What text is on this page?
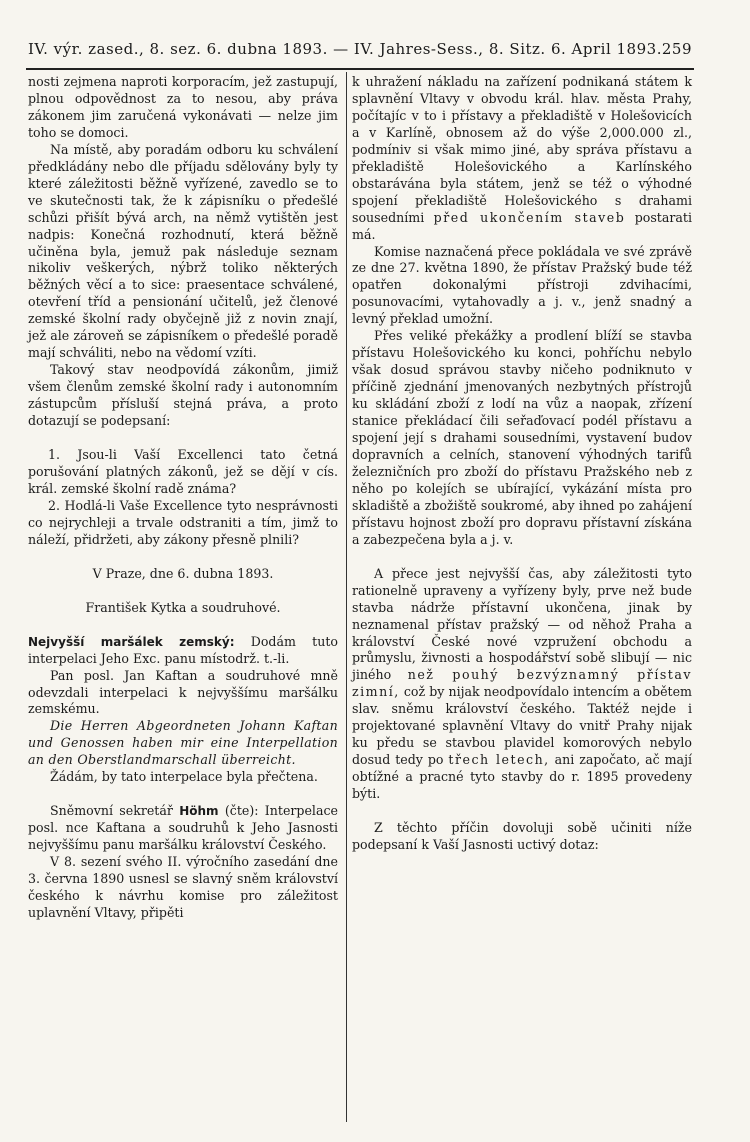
IV. výr. zased., 8. sez. 6. dubna 1893. — IV. Jahres-Sess., 8. Sitz. 6. April 1893. 259

nosti zejmena naproti korporacím, jež zastupují, plnou odpovědnost za to nesou, aby práva zákonem jim zaručená vykonávati — nelze jim toho se domoci.

Na místě, aby poradám odboru ku schválení předkládány nebo dle příjadu sdělovány byly ty které záležitosti běžně vyřízené, zavedlo se to ve skutečnosti tak, že k zápisníku o předešlé schůzi přišít bývá arch, na němž vytištěn jest nadpis: Konečná rozhodnutí, která běžně učiněna byla, jemuž pak následuje seznam nikoliv veškerých, nýbrž toliko některých běžných věcí a to sice: praesentace schválené, otevření tříd a pensionání učitelů, jež členové zemské školní rady obyčejně již z novin znají, jež ale zároveň se zápisníkem o předešlé poradě mají schváliti, nebo na vědomí vzíti.

Takový stav neodpovídá zákonům, jimiž všem členům zemské školní rady i autonomním zástupcům přísluší stejná práva, a proto dotazují se podepsaní:

1. Jsou-li Vaší Excellenci tato četná porušování platných zákonů, jež se dějí v cís. král. zemské školní radě známa?

2. Hodlá-li Vaše Excellence tyto nesprávnosti co nejrychleji a trvale odstraniti a tím, jimž to náleží, přidržeti, aby zákony přesně plnili?

V Praze, dne 6. dubna 1893.

František Kytka a soudruhové.

Nejvyšší maršálek zemský: Dodám tuto interpelaci Jeho Exc. panu místodrž. t.-li.

Pan posl. Jan Kaftan a soudruhové mně odevzdali interpelaci k nejvyššímu maršálku zemskému.

Die Herren Abgeordneten Johann Kaftan und Genossen haben mir eine Interpellation an den Oberstlandmarschall überreicht.

Žádám, by tato interpelace byla přečtena.

Sněmovní sekretář Höhm (čte): Interpelace posl. nce Kaftana a soudruhů k Jeho Jasnosti nejvyššímu panu maršálku království Českého.

V 8. sezení svého II. výročního zasedání dne 3. června 1890 usnesl se slavný sněm království českého k návrhu komise pro záležitost uplavnění Vltavy, připěti

k uhražení nákladu na zařízení podnikaná státem k splavnění Vltavy v obvodu král. hlav. města Prahy, počítajíc v to i přístavy a překladiště v Holešovicích a v Karlíně, obnosem až do výše 2,000.000 zl., podmíniv si však mimo jiné, aby správa přístavu a překladiště Holešovického a Karlínského obstarávána byla státem, jenž se též o výhodné spojení překladiště Holešovického s drahami sousedními před ukončením staveb postarati má.

Komise naznačená přece pokládala ve své zprávě ze dne 27. května 1890, že přístav Pražský bude též opatřen dokonalými přístroji zdvihacími, posunovacími, vytahovadly a j. v., jenž snadný a levný překlad umožní.

Přes veliké překážky a prodlení blíží se stavba přístavu Holešovického ku konci, pohříchu nebylo však dosud správou stavby ničeho podniknuto v příčině zjednání jmenovaných nezbytných přístrojů ku skládání zboží z lodí na vůz a naopak, zřízení stanice překládací čili seřaďovací podél přístavu a spojení její s drahami sousedními, vystavení budov dopravních a celních, stanovení výhodných tarifů železničních pro zboží do přístavu Pražského neb z něho po kolejích se ubírající, vykázání místa pro skladiště a zbožiště soukromé, aby ihned po zahájení přístavu hojnost zboží pro dopravu přístavní získána a zabezpečena byla a j. v.

A přece jest nejvyšší čas, aby záležitosti tyto rationelně upraveny a vyřízeny byly, prve než bude stavba nádrže přístavní ukončena, jinak by neznamenal přístav pražský — od něhož Praha a království České nové vzpružení obchodu a průmyslu, živnosti a hospodářství sobě slibují — nic jiného než pouhý bezvýznamný přístav zimní, což by nijak neodpovídalo intencím a obětem slav. sněmu království českého. Taktéž nejde i projektované splavnění Vltavy do vnitř Prahy nijak ku předu se stavbou plavidel komorových nebylo dosud tedy po třech letech, ani započato, ač mají obtížné a pracné tyto stavby do r. 1895 provedeny býti.

Z těchto příčin dovoluji sobě učiniti níže podepsaní k Vaší Jasnosti uctivý dotaz:
